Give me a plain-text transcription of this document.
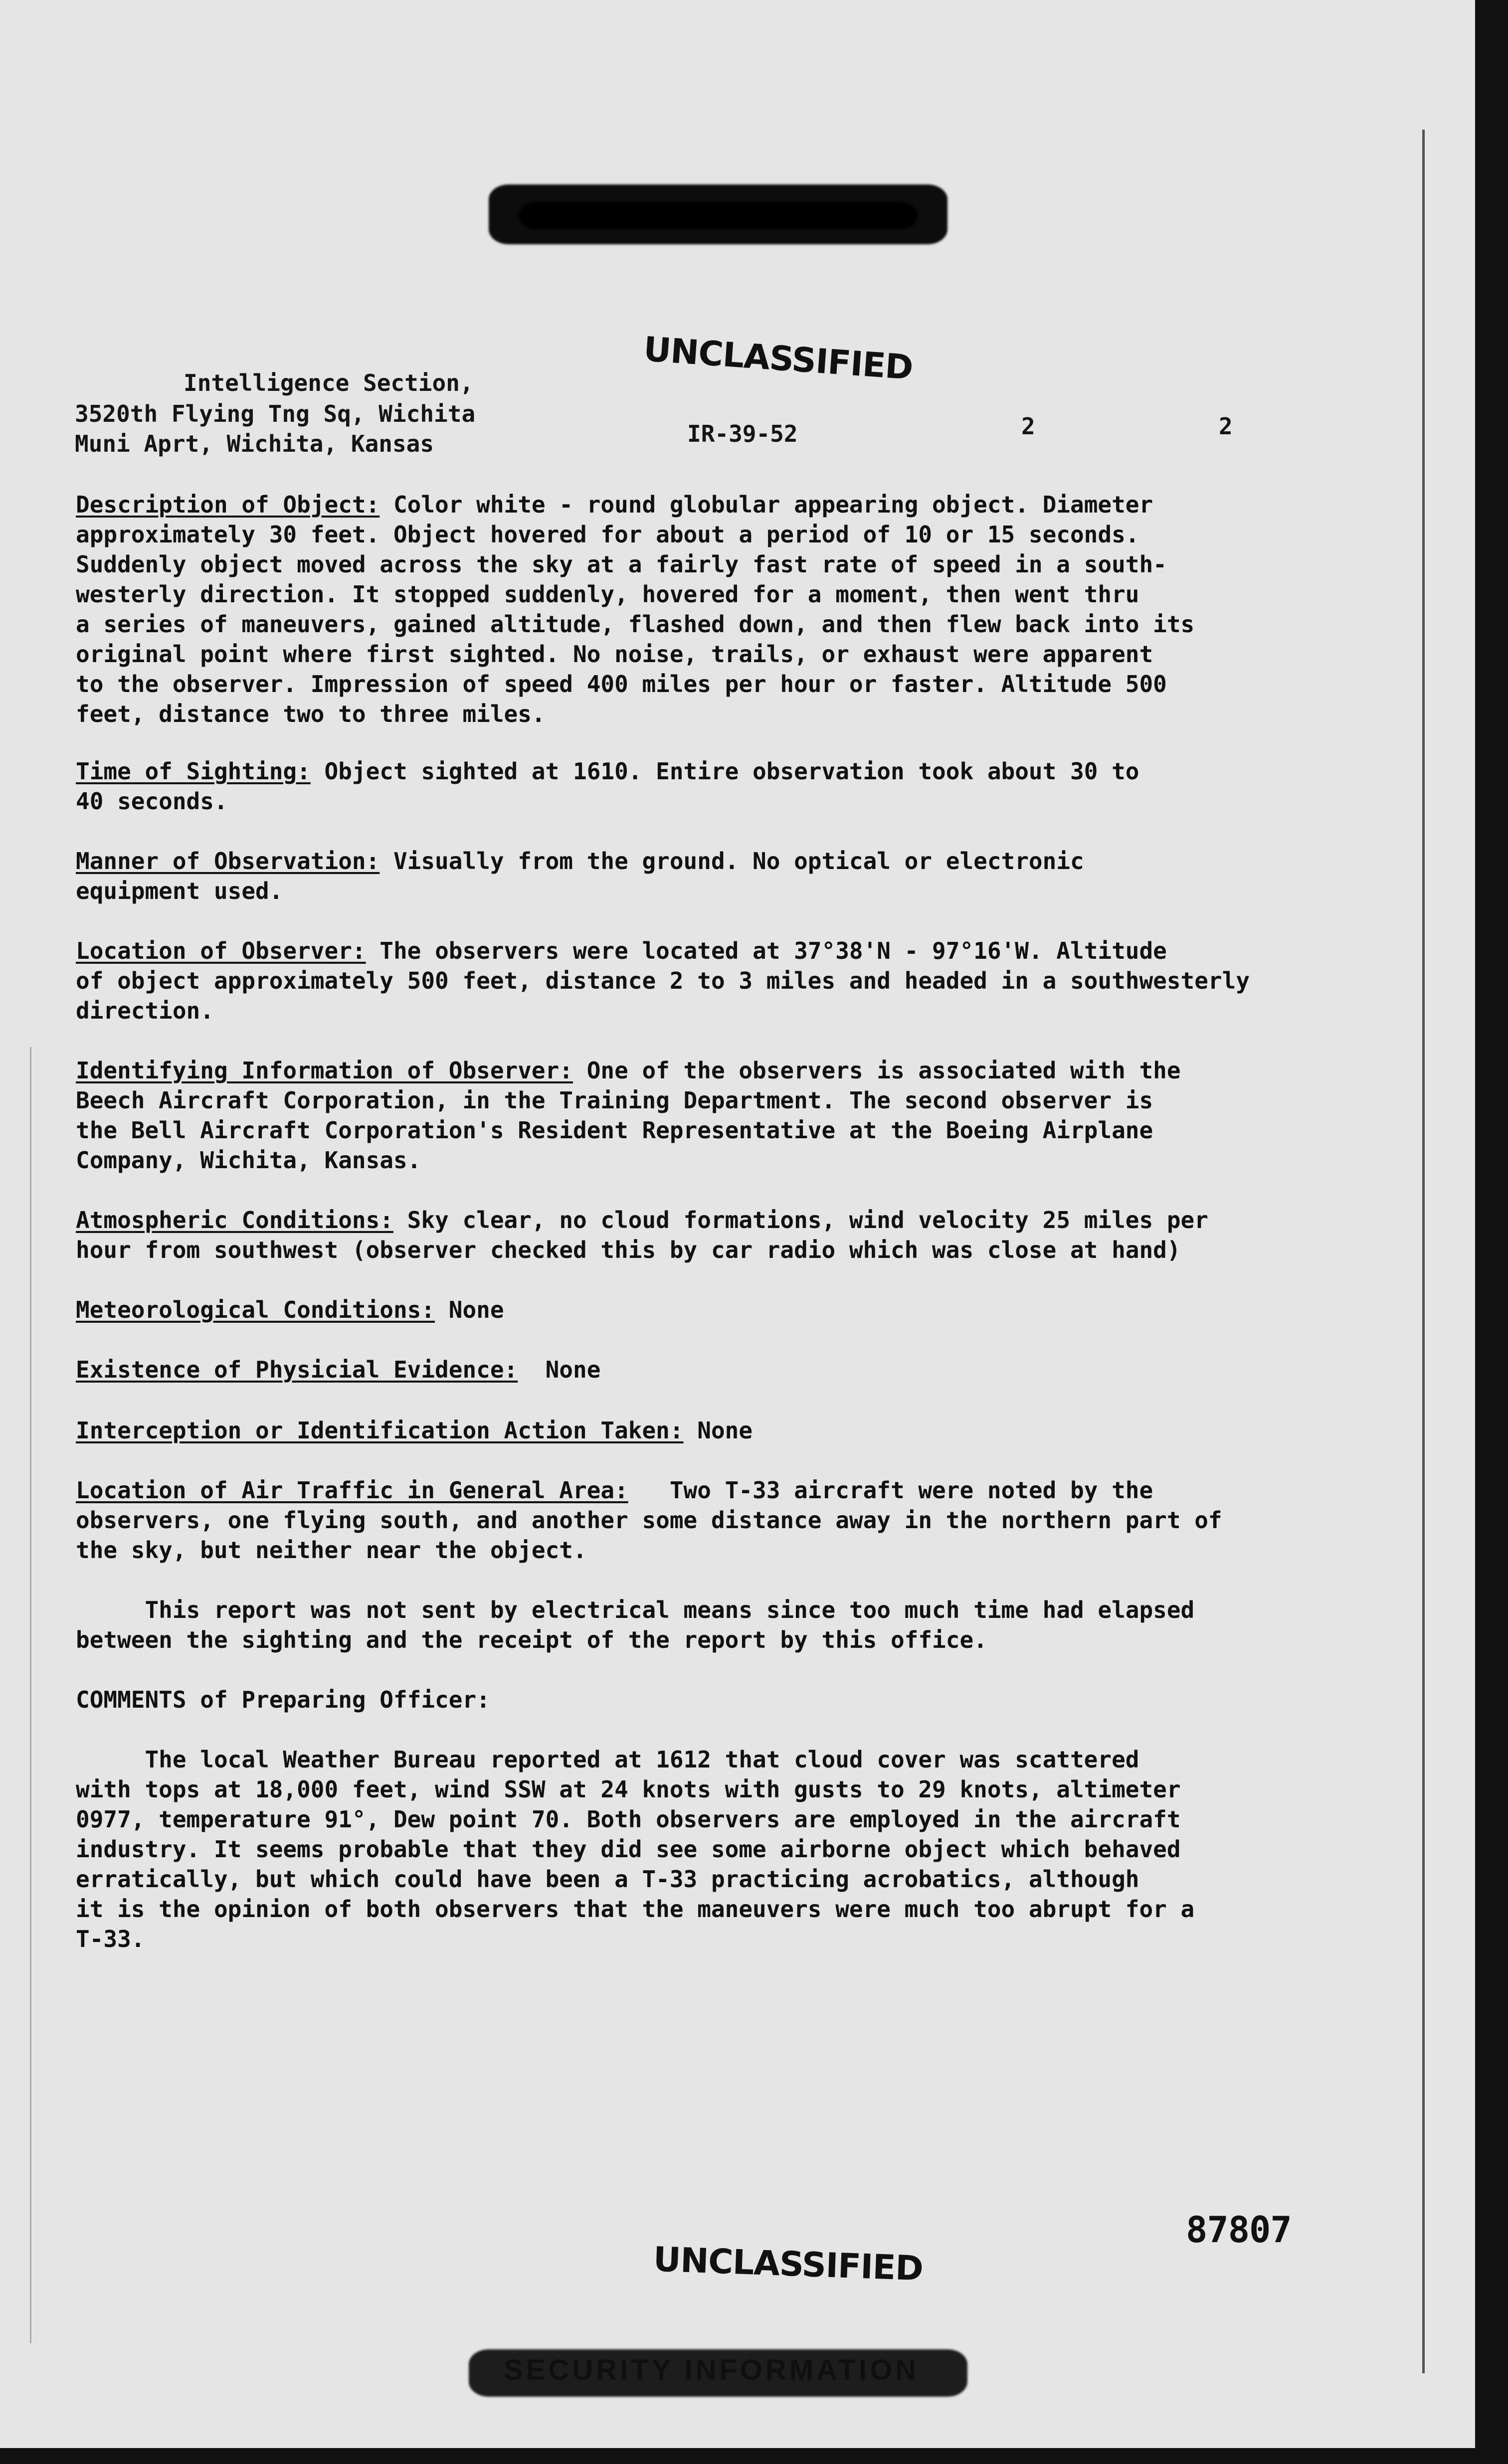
UNCLASSIFIED
Intelligence Section,
3520th Flying Tng Sq, Wichita
Muni Aprt, Wichita, Kansas	IR-39-52	2	2
Description of Object: Color white - round globular appearing object. Diameter
approximately 30 feet. Object hovered for about a period of 10 or 15 seconds.
Suddenly object moved across the sky at a fairly fast rate of speed in a south-
westerly direction. It stopped suddenly, hovered for a moment, then went thru
a series of maneuvers, gained altitude, flashed down, and then flew back into its
original point where first sighted. No noise, trails, or exhaust were apparent
to the observer. Impression of speed 400 miles per hour or faster. Altitude 500
feet, distance two to three miles.
Time of Sighting: Object sighted at 1610. Entire observation took about 30 to
40 seconds.
Manner of Observation: Visually from the ground. No optical or electronic
equipment used.
Location of Observer: The observers were located at 37°38'N - 97°16'W. Altitude
of object approximately 500 feet, distance 2 to 3 miles and headed in a southwesterly
direction.
Identifying Information of Observer: One of the observers is associated with the
Beech Aircraft Corporation, in the Training Department. The second observer is
the Bell Aircraft Corporation's Resident Representative at the Boeing Airplane
Company, Wichita, Kansas.
Atmospheric Conditions: Sky clear, no cloud formations, wind velocity 25 miles per
hour from southwest (observer checked this by car radio which was close at hand)
Meteorological Conditions: None
Existence of Physicial Evidence:  None
Interception or Identification Action Taken: None
Location of Air Traffic in General Area:   Two T-33 aircraft were noted by the
observers, one flying south, and another some distance away in the northern part of
the sky, but neither near the object.
This report was not sent by electrical means since too much time had elapsed
between the sighting and the receipt of the report by this office.
COMMENTS of Preparing Officer:
The local Weather Bureau reported at 1612 that cloud cover was scattered
with tops at 18,000 feet, wind SSW at 24 knots with gusts to 29 knots, altimeter
0977, temperature 91°, Dew point 70. Both observers are employed in the aircraft
industry. It seems probable that they did see some airborne object which behaved
erratically, but which could have been a T-33 practicing acrobatics, although
it is the opinion of both observers that the maneuvers were much too abrupt for a
T-33.
87807
UNCLASSIFIED
